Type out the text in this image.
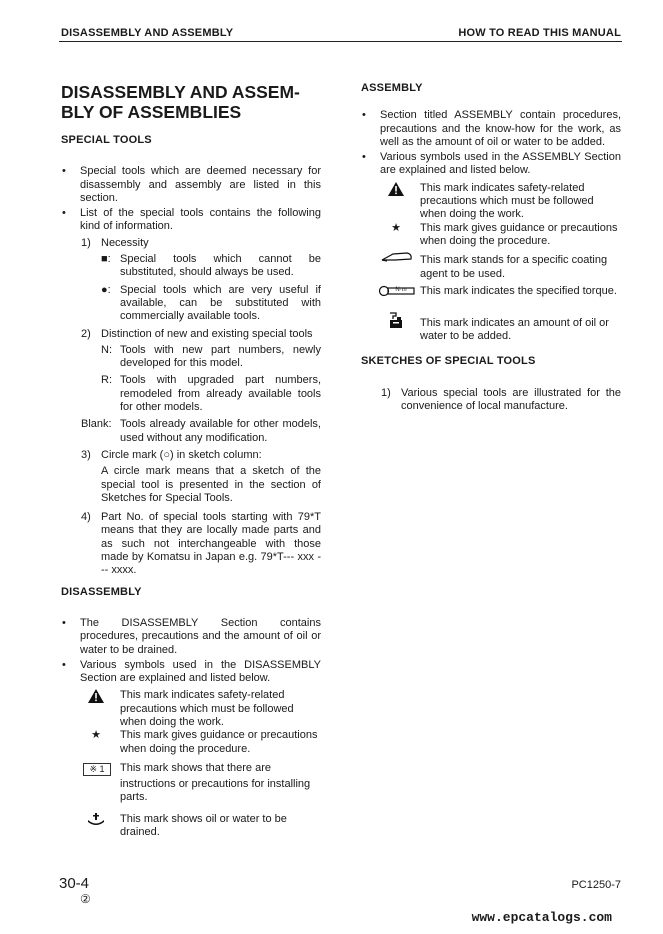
DISASSEMBLY AND ASSEMBLY	HOW TO READ THIS MANUAL
DISASSEMBLY AND ASSEM-
BLY OF ASSEMBLIES
SPECIAL TOOLS
• Special tools which are deemed necessary for disassembly and assembly are listed in this section.
• List of the special tools contains the following kind of information.
1) Necessity
■: Special tools which cannot be substituted, should always be used.
●: Special tools which are very useful if available, can be substituted with commercially available tools.
2) Distinction of new and existing special tools
N: Tools with new part numbers, newly developed for this model.
R: Tools with upgraded part numbers, remodeled from already available tools for other models.
Blank: Tools already available for other models, used without any modification.
3) Circle mark (○) in sketch column:
A circle mark means that a sketch of the special tool is presented in the section of Sketches for Special Tools.
4) Part No. of special tools starting with 79*T means that they are locally made parts and as such not interchangeable with those made by Komatsu in Japan e.g. 79*T--- xxx --- xxxx.
DISASSEMBLY
• The DISASSEMBLY Section contains procedures, precautions and the amount of oil or water to be drained.
• Various symbols used in the DISASSEMBLY Section are explained and listed below.
This mark indicates safety-related precautions which must be followed when doing the work.
★	This mark gives guidance or precautions when doing the procedure.
※ 1	This mark shows that there are
instructions or precautions for installing parts.
This mark shows oil or water to be drained.
ASSEMBLY
• Section titled ASSEMBLY contain procedures, precautions and the know-how for the work, as well as the amount of oil or water to be added.
• Various symbols used in the ASSEMBLY Section are explained and listed below.
This mark indicates safety-related precautions which must be followed when doing the work.
★	This mark gives guidance or precautions when doing the procedure.
This mark stands for a specific coating agent to be used.
N·m	This mark indicates the specified torque.
This mark indicates an amount of oil or water to be added.
SKETCHES OF SPECIAL TOOLS
1) Various special tools are illustrated for the convenience of local manufacture.
30-4
②
PC1250-7
www.epcatalogs.com
